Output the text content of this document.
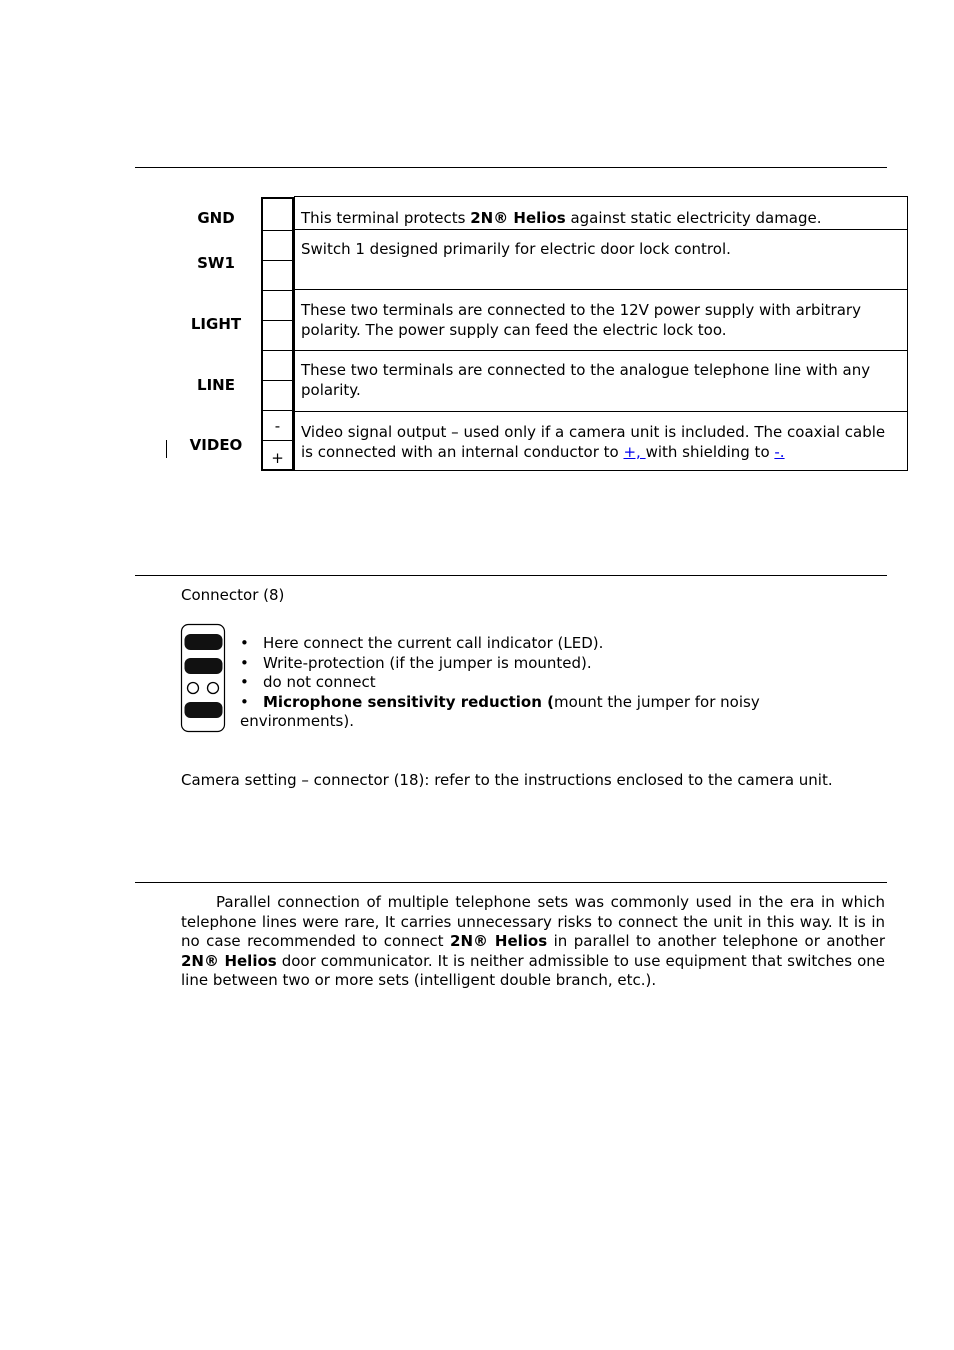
GND
SW1
LIGHT
LINE
VIDEO
-
+
This terminal protects 2N® Helios against static electricity damage.
Switch 1 designed primarily for electric door lock control.
These two terminals are connected to the 12V power supply with arbitrary polarity. The power supply can feed the electric lock too.
These two terminals are connected to the analogue telephone line with any polarity.
Video signal output – used only if a camera unit is included. The coaxial cable is connected with an internal conductor to +, with shielding to -.
Connector (8)
• Here connect the current call indicator (LED).
• Write-protection (if the jumper is mounted).
• do not connect
• Microphone sensitivity reduction (mount the jumper for noisy
environments).
Camera setting – connector (18): refer to the instructions enclosed to the camera unit.
Parallel connection of multiple telephone sets was commonly used in the era in which telephone lines were rare, It carries unnecessary risks to connect the unit in this way. It is in no case recommended to connect 2N® Helios in parallel to another telephone or another 2N® Helios door communicator. It is neither admissible to use equipment that switches one line between two or more sets (intelligent double branch, etc.).
